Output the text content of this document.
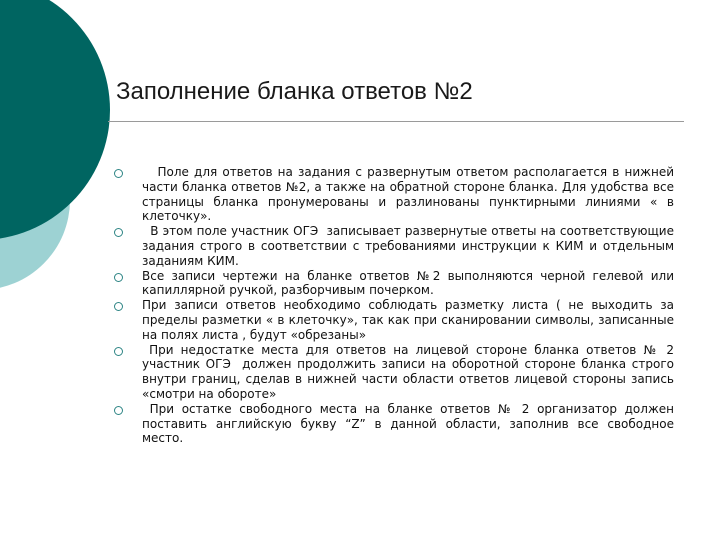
Заполнение бланка ответов №2
Поле для ответов на задания с развернутым ответом располагается в нижней части бланка ответов №2, а также на обратной стороне бланка. Для удобства все страницы бланка пронумерованы и разлинованы пунктирными линиями « в клеточку».
В этом поле участник ОГЭ  записывает развернутые ответы на соответствующие задания строго в соответствии с требованиями инструкции к КИМ и отдельным заданиям КИМ.
Все записи чертежи на бланке ответов №2 выполняются черной гелевой или капиллярной ручкой, разборчивым почерком.
При записи ответов необходимо соблюдать разметку листа ( не выходить за пределы разметки « в клеточку», так как при сканировании символы, записанные на полях листа , будут «обрезаны»
При недостатке места для ответов на лицевой стороне бланка ответов № 2 участник ОГЭ  должен продолжить записи на оборотной стороне бланка строго внутри границ, сделав в нижней части области ответов лицевой стороны запись «смотри на обороте»
При остатке свободного места на бланке ответов № 2 организатор должен поставить английскую букву “Z” в данной области, заполнив все свободное место.
